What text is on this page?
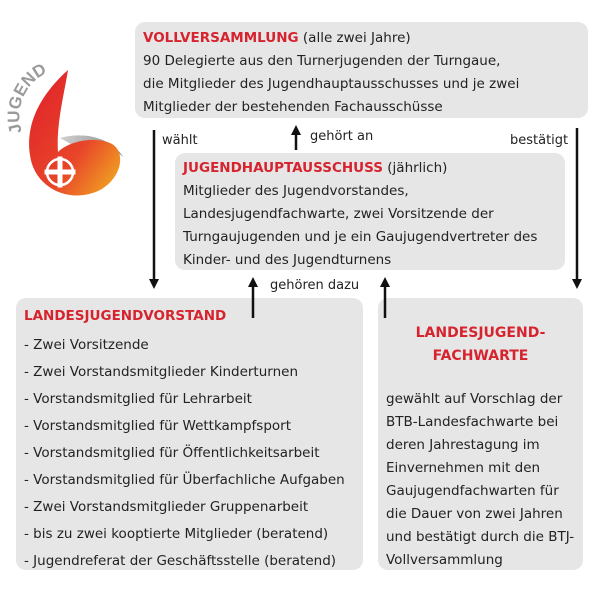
JUGEND
VOLLVERSAMMLUNG (alle zwei Jahre)
90 Delegierte aus den Turnerjugenden der Turngaue,
die Mitglieder des Jugendhauptausschusses und je zwei
Mitglieder der bestehenden Fachausschüsse
JUGENDHAUPTAUSSCHUSS (jährlich)
Mitglieder des Jugendvorstandes,
Landesjugendfachwarte, zwei Vorsitzende der
Turngaujugenden und je ein Gaujugendvertreter des
Kinder- und des Jugendturnens
LANDESJUGENDVORSTAND
- Zwei Vorsitzende
- Zwei Vorstandsmitglieder Kinderturnen
- Vorstandsmitglied für Lehrarbeit
- Vorstandsmitglied für Wettkampfsport
- Vorstandsmitglied für Öffentlichkeitsarbeit
- Vorstandsmitglied für Überfachliche Aufgaben
- Zwei Vorstandsmitglieder Gruppenarbeit
- bis zu zwei kooptierte Mitglieder (beratend)
- Jugendreferat der Geschäftsstelle (beratend)
LANDESJUGEND-
FACHWARTE
gewählt auf Vorschlag der
BTB-Landesfachwarte bei
deren Jahrestagung im
Einvernehmen mit den
Gaujugendfachwarten für
die Dauer von zwei Jahren
und bestätigt durch die BTJ-
Vollversammlung
wählt	gehört an	bestätigt
gehören dazu
